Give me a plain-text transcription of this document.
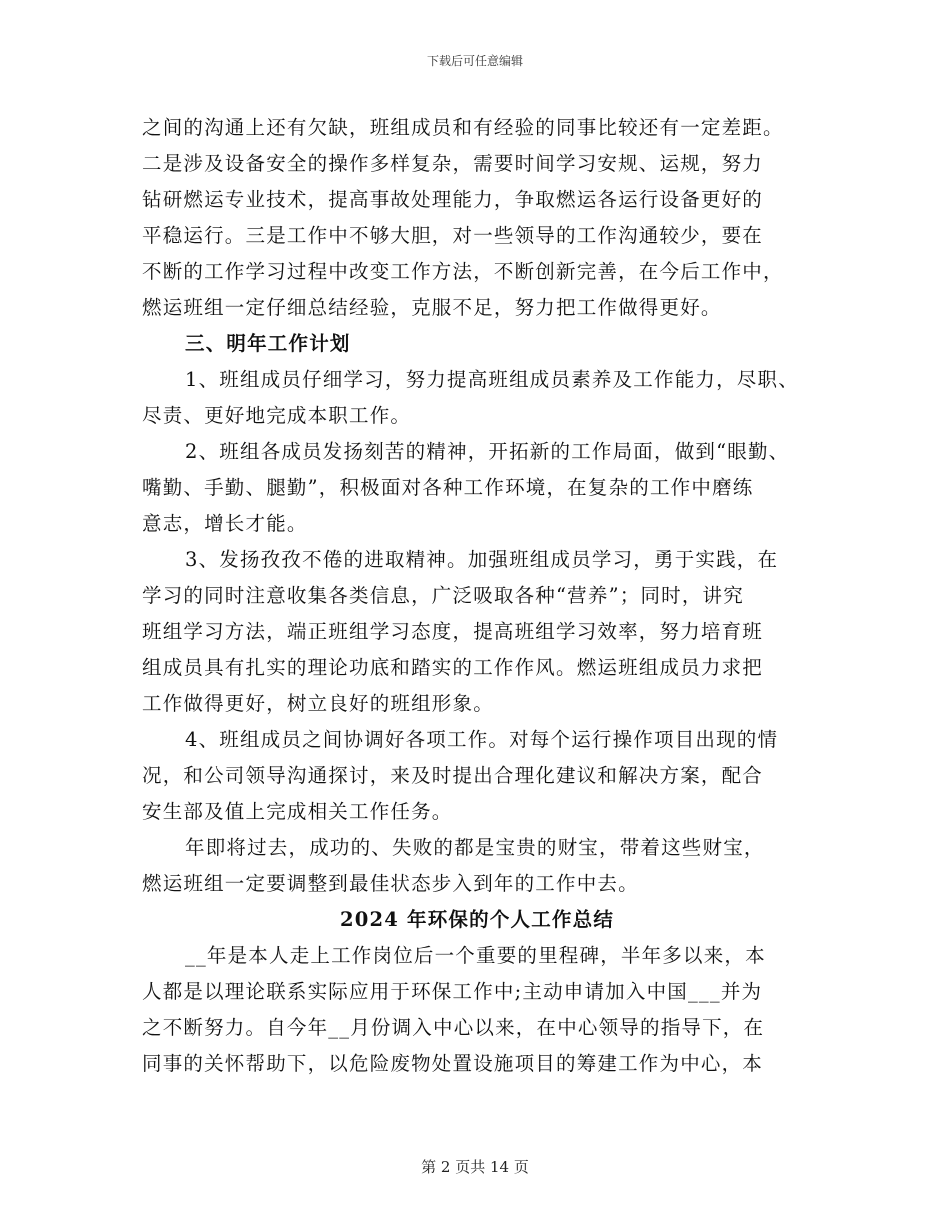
下载后可任意编辑
之间的沟通上还有欠缺，班组成员和有经验的同事比较还有一定差距。
二是涉及设备安全的操作多样复杂，需要时间学习安规、运规，努力
钻研燃运专业技术，提高事故处理能力，争取燃运各运行设备更好的
平稳运行。三是工作中不够大胆，对一些领导的工作沟通较少，要在
不断的工作学习过程中改变工作方法，不断创新完善，在今后工作中，
燃运班组一定仔细总结经验，克服不足，努力把工作做得更好。
三、明年工作计划
1、班组成员仔细学习，努力提高班组成员素养及工作能力，尽职、
尽责、更好地完成本职工作。
2、班组各成员发扬刻苦的精神，开拓新的工作局面，做到“眼勤、
嘴勤、手勤、腿勤”，积极面对各种工作环境，在复杂的工作中磨练
意志，增长才能。
3、发扬孜孜不倦的进取精神。加强班组成员学习，勇于实践，在
学习的同时注意收集各类信息，广泛吸取各种“营养”；同时，讲究
班组学习方法，端正班组学习态度，提高班组学习效率，努力培育班
组成员具有扎实的理论功底和踏实的工作作风。燃运班组成员力求把
工作做得更好，树立良好的班组形象。
4、班组成员之间协调好各项工作。对每个运行操作项目出现的情
况，和公司领导沟通探讨，来及时提出合理化建议和解决方案，配合
安生部及值上完成相关工作任务。
年即将过去，成功的、失败的都是宝贵的财宝，带着这些财宝，
燃运班组一定要调整到最佳状态步入到年的工作中去。
2024 年环保的个人工作总结
__年是本人走上工作岗位后一个重要的里程碑，半年多以来，本
人都是以理论联系实际应用于环保工作中;主动申请加入中国___并为
之不断努力。自今年__月份调入中心以来，在中心领导的指导下，在
同事的关怀帮助下，以危险废物处置设施项目的筹建工作为中心，本
第 2 页共 14 页
